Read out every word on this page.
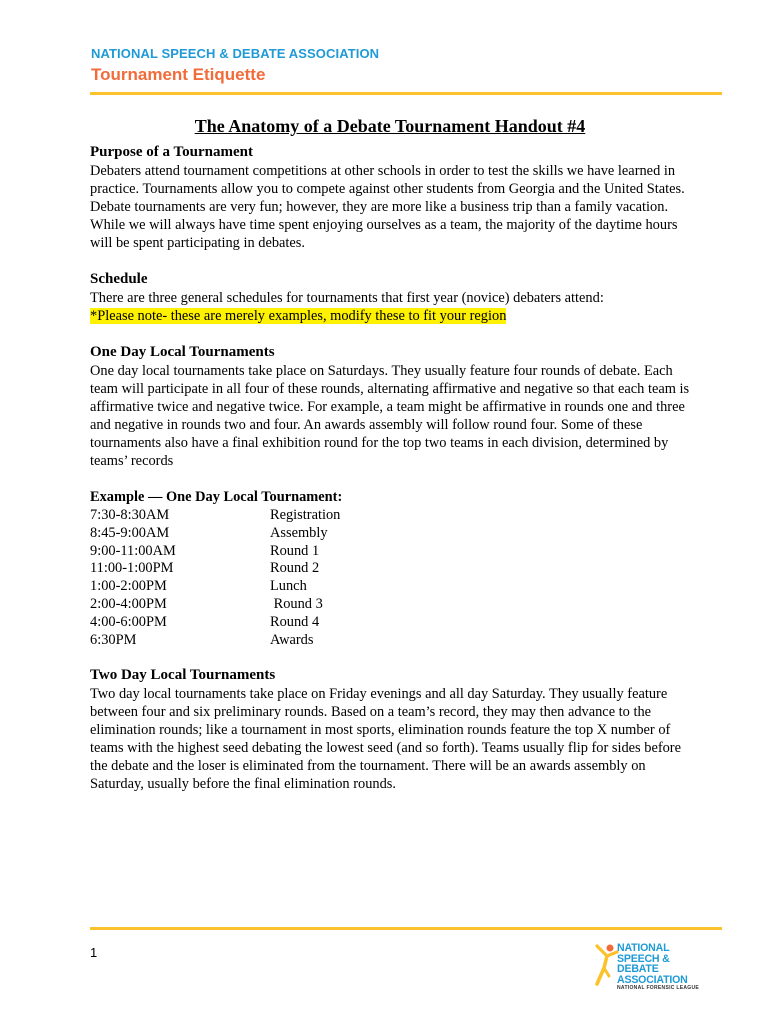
NATIONAL SPEECH & DEBATE ASSOCIATION
Tournament Etiquette
The Anatomy of a Debate Tournament Handout #4
Purpose of a Tournament

Debaters attend tournament competitions at other schools in order to test the skills we have learned in practice. Tournaments allow you to compete against other students from Georgia and the United States. Debate tournaments are very fun; however, they are more like a business trip than a family vacation. While we will always have time spent enjoying ourselves as a team, the majority of the daytime hours will be spent participating in debates.

Schedule

There are three general schedules for tournaments that first year (novice) debaters attend:

*Please note- these are merely examples, modify these to fit your region

One Day Local Tournaments

One day local tournaments take place on Saturdays. They usually feature four rounds of debate. Each team will participate in all four of these rounds, alternating affirmative and negative so that each team is affirmative twice and negative twice. For example, a team might be affirmative in rounds one and three and negative in rounds two and four. An awards assembly will follow round four. Some of these tournaments also have a final exhibition round for the top two teams in each division, determined by teams’ records

Example — One Day Local Tournament:
7:30-8:30AM	Registration
8:45-9:00AM	Assembly
9:00-11:00AM	Round 1
11:00-1:00PM	Round 2
1:00-2:00PM	Lunch
2:00-4:00PM	Round 3
4:00-6:00PM	Round 4
6:30PM	Awards
Two Day Local Tournaments

Two day local tournaments take place on Friday evenings and all day Saturday. They usually feature between four and six preliminary rounds. Based on a team’s record, they may then advance to the elimination rounds; like a tournament in most sports, elimination rounds feature the top X number of teams with the highest seed debating the lowest seed (and so forth). Teams usually flip for sides before the debate and the loser is eliminated from the tournament. There will be an awards assembly on Saturday, usually before the final elimination rounds.

1	NATIONAL
SPEECH & DEBATE
ASSOCIATION
NATIONAL FORENSIC LEAGUE
